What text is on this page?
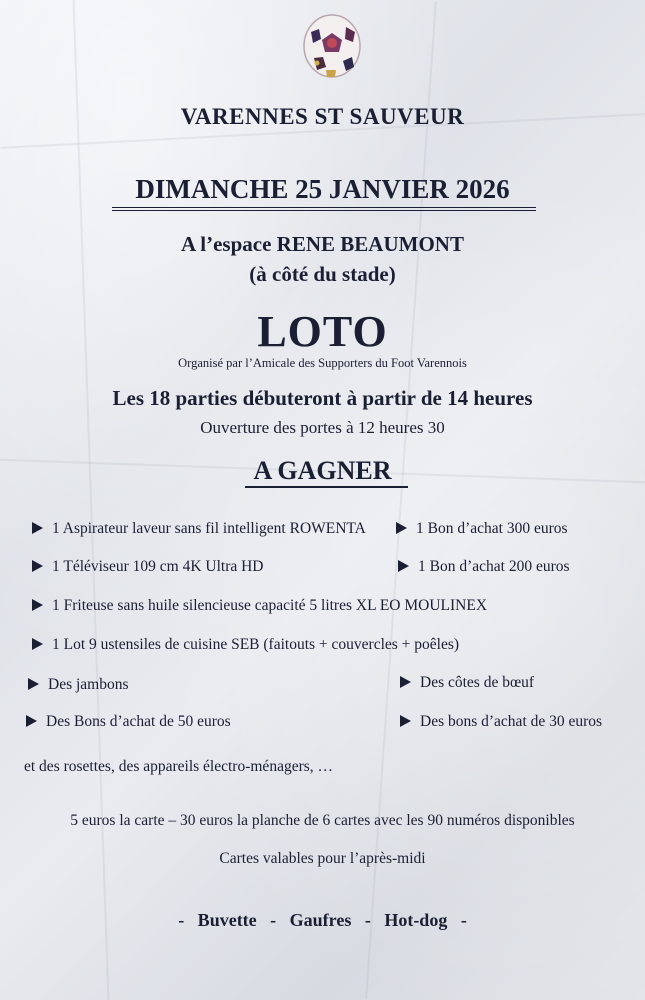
VARENNES ST SAUVEUR
DIMANCHE 25 JANVIER 2026
A l’espace RENE BEAUMONT
(à côté du stade)
LOTO
Organisé par l’Amicale des Supporters du Foot Varennois
Les 18 parties débuteront à partir de 14 heures
Ouverture des portes à 12 heures 30
A GAGNER
1 Aspirateur laveur sans fil intelligent ROWENTA	1 Bon d’achat 300 euros
1 Téléviseur 109 cm 4K Ultra HD	1 Bon d’achat 200 euros
1 Friteuse sans huile silencieuse capacité 5 litres XL EO MOULINEX
1 Lot 9 ustensiles de cuisine SEB (faitouts + couvercles + poêles)
Des jambons	Des côtes de bœuf
Des Bons d’achat de 50 euros	Des bons d’achat de 30 euros
et des rosettes, des appareils électro-ménagers, …
5 euros la carte – 30 euros la planche de 6 cartes avec les 90 numéros disponibles
Cartes valables pour l’après-midi
-   Buvette   -   Gaufres   -   Hot-dog   -
